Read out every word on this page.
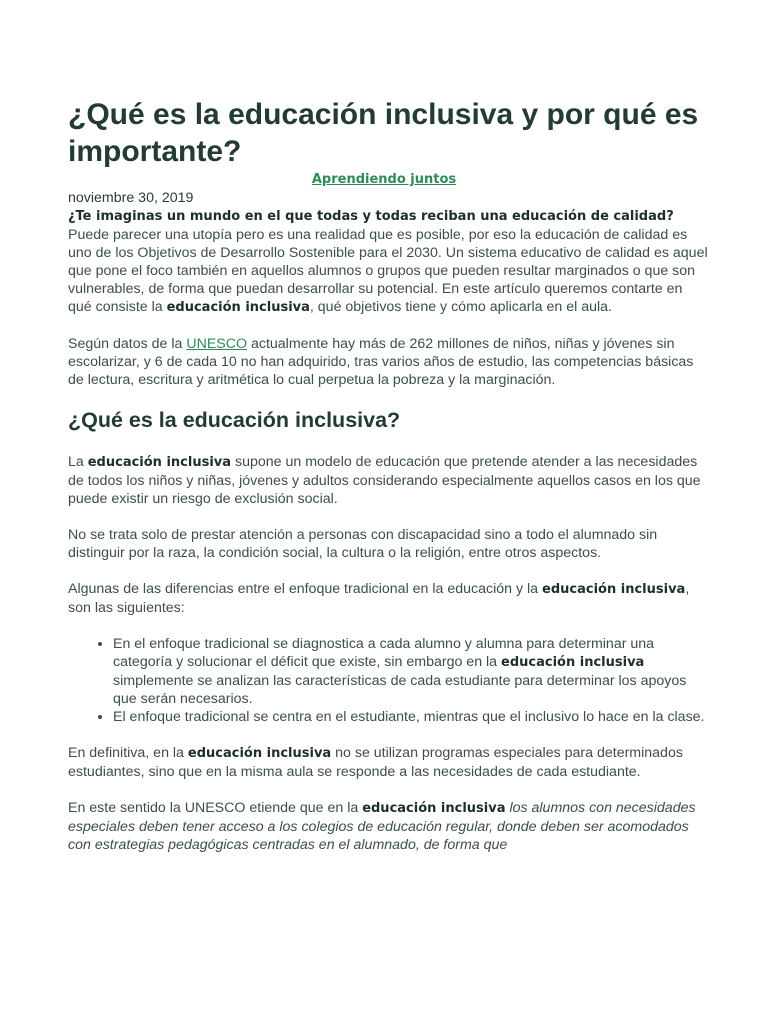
¿Qué es la educación inclusiva y por qué es importante?
Aprendiendo juntos

noviembre 30, 2019

¿Te imaginas un mundo en el que todas y todas reciban una educación de calidad? Puede parecer una utopía pero es una realidad que es posible, por eso la educación de calidad es uno de los Objetivos de Desarrollo Sostenible para el 2030. Un sistema educativo de calidad es aquel que pone el foco también en aquellos alumnos o grupos que pueden resultar marginados o que son vulnerables, de forma que puedan desarrollar su potencial. En este artículo queremos contarte en qué consiste la educación inclusiva, qué objetivos tiene y cómo aplicarla en el aula.

Según datos de la UNESCO actualmente hay más de 262 millones de niños, niñas y jóvenes sin escolarizar, y 6 de cada 10 no han adquirido, tras varios años de estudio, las competencias básicas de lectura, escritura y aritmética lo cual perpetua la pobreza y la marginación.

¿Qué es la educación inclusiva?

La educación inclusiva supone un modelo de educación que pretende atender a las necesidades de todos los niños y niñas, jóvenes y adultos considerando especialmente aquellos casos en los que puede existir un riesgo de exclusión social.

No se trata solo de prestar atención a personas con discapacidad sino a todo el alumnado sin distinguir por la raza, la condición social, la cultura o la religión, entre otros aspectos.

Algunas de las diferencias entre el enfoque tradicional en la educación y la educación inclusiva, son las siguientes:

• En el enfoque tradicional se diagnostica a cada alumno y alumna para determinar una categoría y solucionar el déficit que existe, sin embargo en la educación inclusiva simplemente se analizan las características de cada estudiante para determinar los apoyos que serán necesarios.
• El enfoque tradicional se centra en el estudiante, mientras que el inclusivo lo hace en la clase.

En definitiva, en la educación inclusiva no se utilizan programas especiales para determinados estudiantes, sino que en la misma aula se responde a las necesidades de cada estudiante.

En este sentido la UNESCO etiende que en la educación inclusiva los alumnos con necesidades especiales deben tener acceso a los colegios de educación regular, donde deben ser acomodados con estrategias pedagógicas centradas en el alumnado, de forma que
